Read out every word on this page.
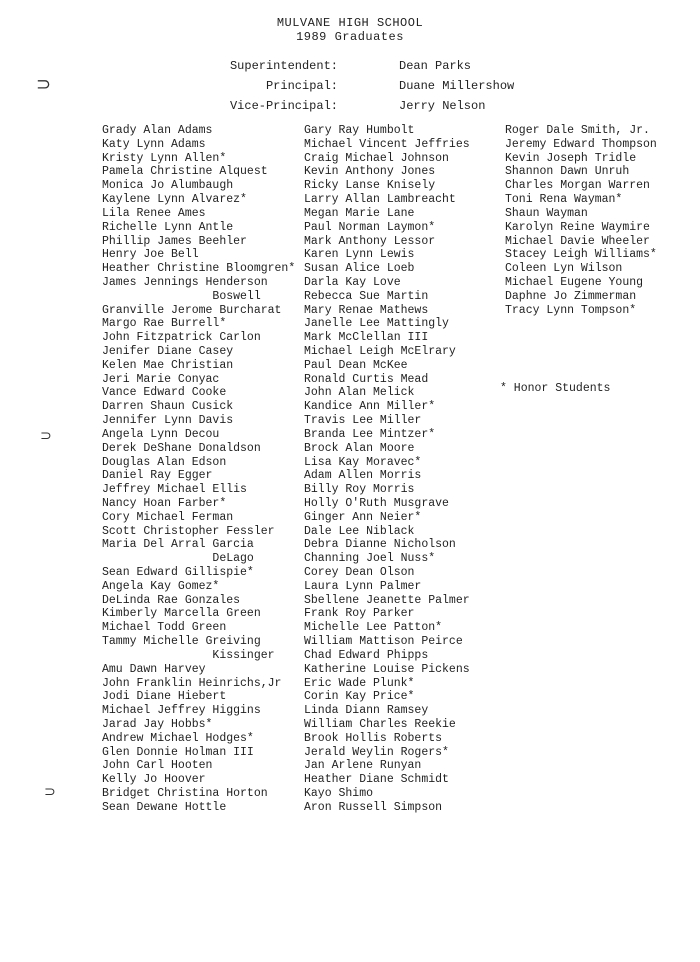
MULVANE HIGH SCHOOL
1989 Graduates
Superintendent:	Dean Parks
Principal:	Duane Millershow
Vice-Principal:	Jerry Nelson
Grady Alan Adams
Katy Lynn Adams
Kristy Lynn Allen*
Pamela Christine Alquest
Monica Jo Alumbaugh
Kaylene Lynn Alvarez*
Lila Renee Ames
Richelle Lynn Antle
Phillip James Beehler
Henry Joe Bell
Heather Christine Bloomgren*
James Jennings Henderson
Boswell
Granville Jerome Burcharat
Margo Rae Burrell*
John Fitzpatrick Carlon
Jenifer Diane Casey
Kelen Mae Christian
Jeri Marie Conyac
Vance Edward Cooke
Darren Shaun Cusick
Jennifer Lynn Davis
Angela Lynn Decou
Derek DeShane Donaldson
Douglas Alan Edson
Daniel Ray Egger
Jeffrey Michael Ellis
Nancy Hoan Farber*
Cory Michael Ferman
Scott Christopher Fessler
Maria Del Arral Garcia
DeLago
Sean Edward Gillispie*
Angela Kay Gomez*
DeLinda Rae Gonzales
Kimberly Marcella Green
Michael Todd Green
Tammy Michelle Greiving
Kissinger
Amu Dawn Harvey
John Franklin Heinrichs,Jr
Jodi Diane Hiebert
Michael Jeffrey Higgins
Jarad Jay Hobbs*
Andrew Michael Hodges*
Glen Donnie Holman III
John Carl Hooten
Kelly Jo Hoover
Bridget Christina Horton
Sean Dewane Hottle
Gary Ray Humbolt
Michael Vincent Jeffries
Craig Michael Johnson
Kevin Anthony Jones
Ricky Lanse Knisely
Larry Allan Lambreacht
Megan Marie Lane
Paul Norman Laymon*
Mark Anthony Lessor
Karen Lynn Lewis
Susan Alice Loeb
Darla Kay Love
Rebecca Sue Martin
Mary Renae Mathews
Janelle Lee Mattingly
Mark McClellan III
Michael Leigh McElrary
Paul Dean McKee
Ronald Curtis Mead
John Alan Melick
Kandice Ann Miller*
Travis Lee Miller
Branda Lee Mintzer*
Brock Alan Moore
Lisa Kay Moravec*
Adam Allen Morris
Billy Roy Morris
Holly O'Ruth Musgrave
Ginger Ann Neier*
Dale Lee Niblack
Debra Dianne Nicholson
Channing Joel Nuss*
Corey Dean Olson
Laura Lynn Palmer
Sbellene Jeanette Palmer
Frank Roy Parker
Michelle Lee Patton*
William Mattison Peirce
Chad Edward Phipps
Katherine Louise Pickens
Eric Wade Plunk*
Corin Kay Price*
Linda Diann Ramsey
William Charles Reekie
Brook Hollis Roberts
Jerald Weylin Rogers*
Jan Arlene Runyan
Heather Diane Schmidt
Kayo Shimo
Aron Russell Simpson
Roger Dale Smith, Jr.
Jeremy Edward Thompson
Kevin Joseph Tridle
Shannon Dawn Unruh
Charles Morgan Warren
Toni Rena Wayman*
Shaun Wayman
Karolyn Reine Waymire
Michael Davie Wheeler
Stacey Leigh Williams*
Coleen Lyn Wilson
Michael Eugene Young
Daphne Jo Zimmerman
Tracy Lynn Tompson*
* Honor Students
⊃
⊃
⊃
